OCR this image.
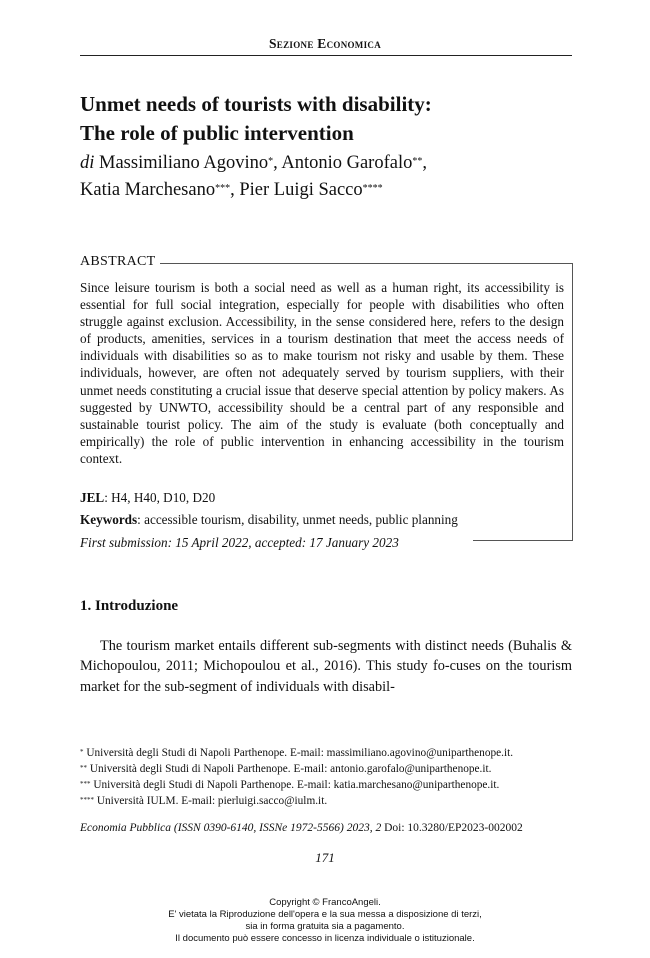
Sezione Economica
Unmet needs of tourists with disability:
The role of public intervention
di Massimiliano Agovino*, Antonio Garofalo**,
Katia Marchesano***, Pier Luigi Sacco****
ABSTRACT

Since leisure tourism is both a social need as well as a human right, its accessibility is essential for full social integration, especially for people with disabilities who often struggle against exclusion. Accessibility, in the sense considered here, refers to the design of products, amenities, services in a tourism destination that meet the access needs of individuals with disabilities so as to make tourism not risky and usable by them. These individuals, however, are often not adequately served by tourism suppliers, with their unmet needs constituting a crucial issue that deserve special attention by policy makers. As suggested by UNWTO, accessibility should be a central part of any responsible and sustainable tourist policy. The aim of the study is evaluate (both conceptually and empirically) the role of public intervention in enhancing accessibility in the tourism context.

JEL: H4, H40, D10, D20
Keywords: accessible tourism, disability, unmet needs, public planning
First submission: 15 April 2022, accepted: 17 January 2023
1. Introduzione

The tourism market entails different sub-segments with distinct needs (Buhalis & Michopoulou, 2011; Michopoulou et al., 2016). This study fo-cuses on the tourism market for the sub-segment of individuals with disabil-

* Università degli Studi di Napoli Parthenope. E-mail: massimiliano.agovino@uniparthenope.it.
** Università degli Studi di Napoli Parthenope. E-mail: antonio.garofalo@uniparthenope.it.
*** Università degli Studi di Napoli Parthenope. E-mail: katia.marchesano@uniparthenope.it.
**** Università IULM. E-mail: pierluigi.sacco@iulm.it.
Economia Pubblica (ISSN 0390-6140, ISSNe 1972-5566) 2023, 2 Doi: 10.3280/EP2023-002002
171
Copyright © FrancoAngeli.
E' vietata la Riproduzione dell'opera e la sua messa a disposizione di terzi,
sia in forma gratuita sia a pagamento.
Il documento può essere concesso in licenza individuale o istituzionale.
